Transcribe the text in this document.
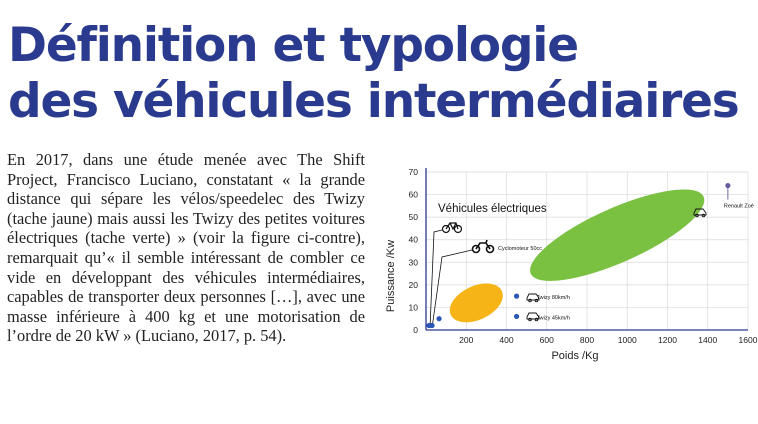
Définition et typologie
des véhicules intermédiaires

En 2017, dans une étude menée avec The Shift Project, Francisco Luciano, constatant « la grande distance qui sépare les vélos/speedelec des Twizy (tache jaune) mais aussi les Twizy des petites voitures électriques (tache verte) » (voir la figure ci-contre), remarquait qu’« il semble intéressant de combler ce vide en développant des véhicules intermédiaires, capables de transporter deux personnes […], avec une masse inférieure à 400 kg et une motorisation de l’ordre de 20 kW » (Luciano, 2017, p. 54).	0
10
20
30
40
50
60
70
200	400	600	800	1000	1200	1400	1600
Puissance /Kw
Poids /Kg
Véhicules électriques
Twizy 80km/h
Twizy 45km/h
Renault Zoé
Cyclomoteur 50cc
